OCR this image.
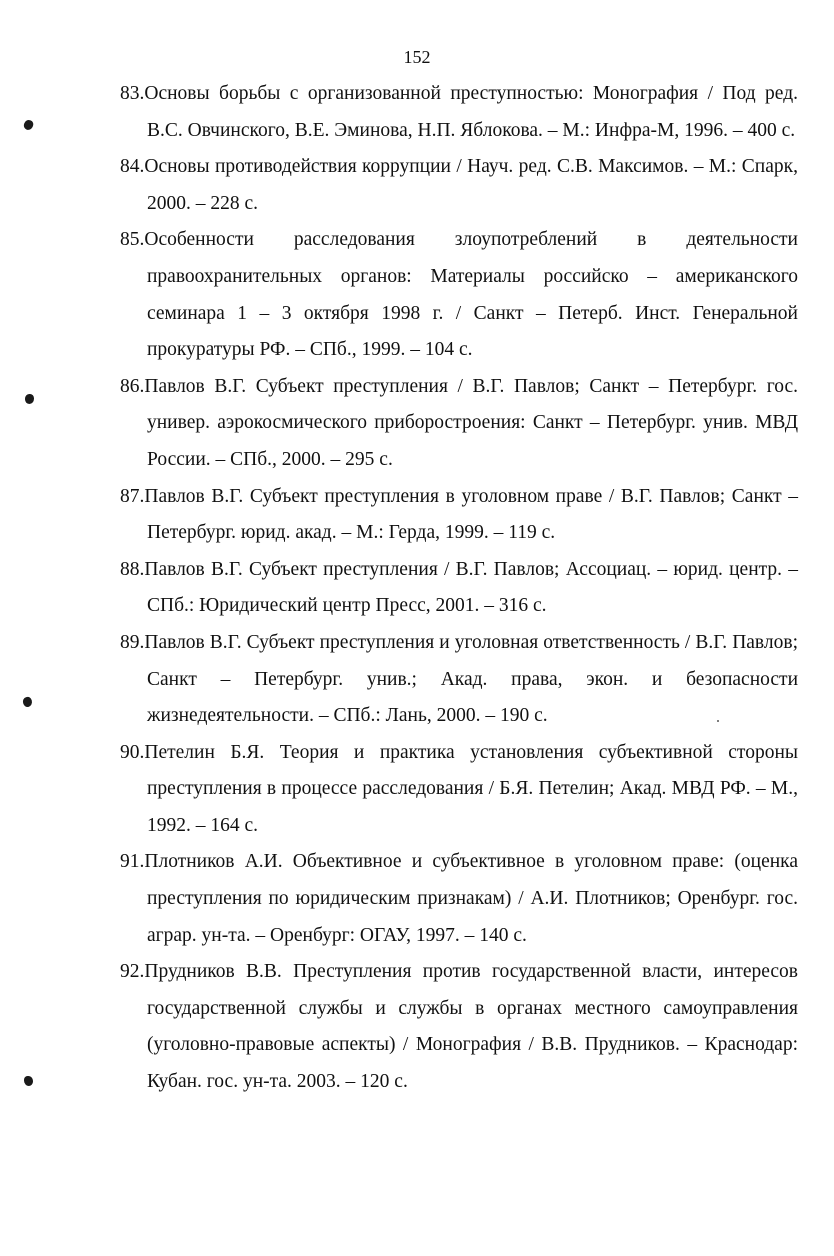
152
83.Основы борьбы с организованной преступностью: Монография / Под ред. В.С. Овчинского, В.Е. Эминова, Н.П. Яблокова. – М.: Инфра-М, 1996. – 400 с.
84.Основы противодействия коррупции / Науч. ред. С.В. Максимов. – М.: Спарк, 2000. – 228 с.
85.Особенности расследования злоупотреблений в деятельности правоохранительных органов: Материалы российско – американского семинара 1 – 3 октября 1998 г. / Санкт – Петерб. Инст. Генеральной прокуратуры РФ. – СПб., 1999. – 104 с.
86.Павлов В.Г. Субъект преступления / В.Г. Павлов; Санкт – Петербург. гос. универ. аэрокосмического приборостроения: Санкт – Петербург. унив. МВД России. – СПб., 2000. – 295 с.
87.Павлов В.Г. Субъект преступления в уголовном праве / В.Г. Павлов; Санкт –Петербург. юрид. акад. – М.: Герда, 1999. – 119 с.
88.Павлов В.Г. Субъект преступления / В.Г. Павлов; Ассоциац. – юрид. центр. – СПб.: Юридический центр Пресс, 2001. – 316 с.
89.Павлов В.Г. Субъект преступления и уголовная ответственность / В.Г. Павлов; Санкт – Петербург. унив.; Акад. права, экон. и безопасности жизнедеятельности. – СПб.: Лань, 2000. – 190 с.
90.Петелин Б.Я. Теория и практика установления субъективной стороны преступления в процессе расследования / Б.Я. Петелин; Акад. МВД РФ. – М., 1992. – 164 с.
91.Плотников А.И. Объективное и субъективное в уголовном праве: (оценка преступления по юридическим признакам) / А.И. Плотников; Оренбург. гос. аграр. ун-та. – Оренбург: ОГАУ, 1997. – 140 с.
92.Прудников В.В. Преступления против государственной власти, интересов государственной службы и службы в органах местного самоуправления (уголовно-правовые аспекты) / Монография / В.В. Прудников. – Краснодар: Кубан. гос. ун-та. 2003. – 120 с.
